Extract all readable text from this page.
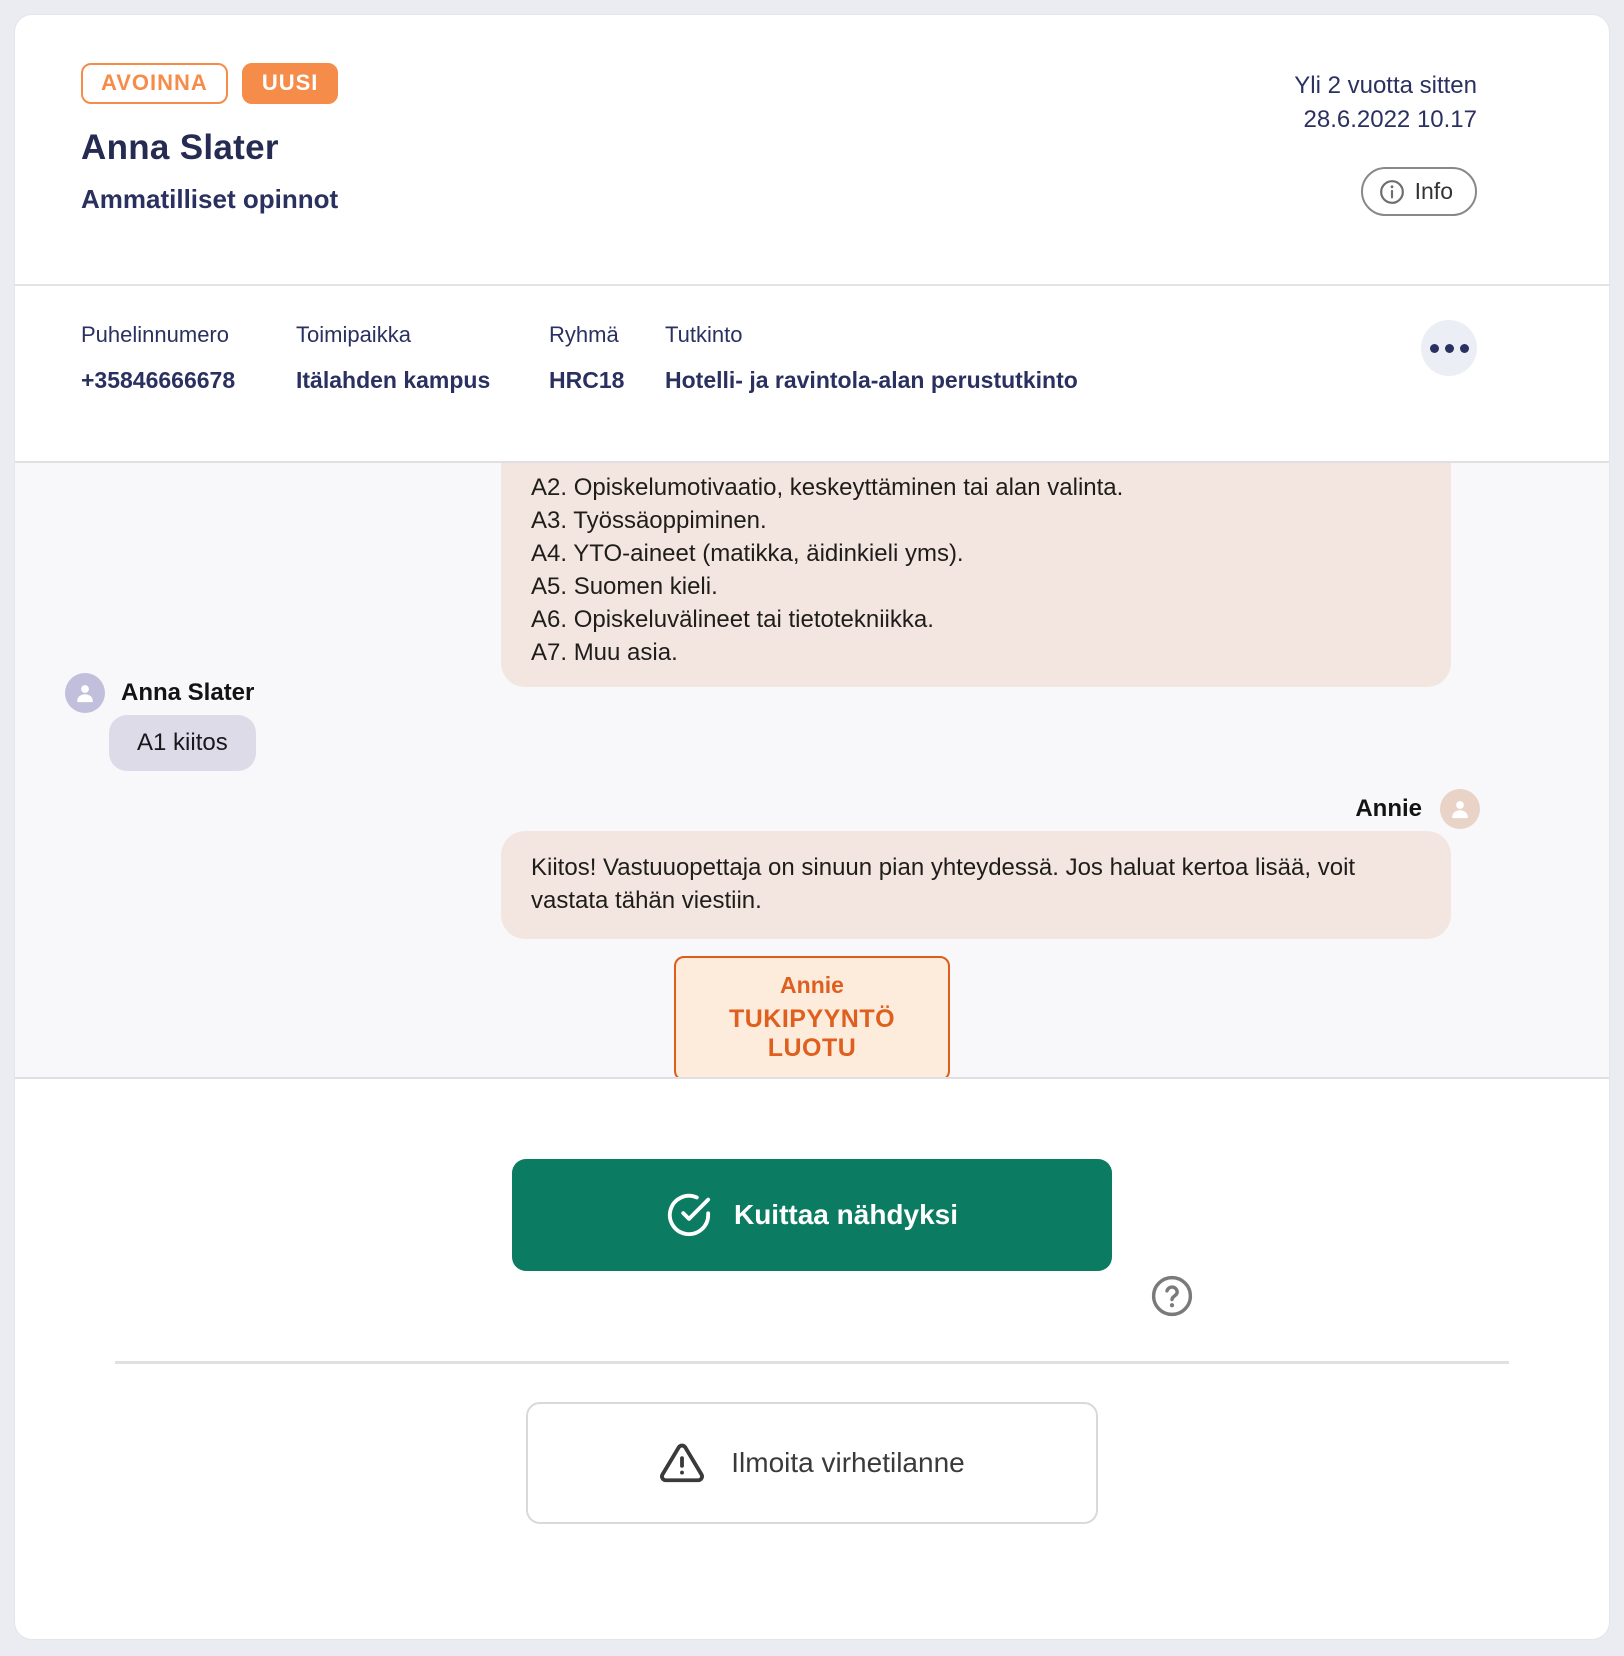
AVOINNA	UUSI
Anna Slater
Ammatilliset opinnot
Yli 2 vuotta sitten
28.6.2022 10.17
Info
Puhelinnumero
+35846666678
Toimipaikka
Itälahden kampus
Ryhmä
HRC18
Tutkinto
Hotelli- ja ravintola-alan perustutkinto
A2. Opiskelumotivaatio, keskeyttäminen tai alan valinta.
A3. Työssäoppiminen.
A4. YTO-aineet (matikka, äidinkieli yms).
A5. Suomen kieli.
A6. Opiskeluvälineet tai tietotekniikka.
A7. Muu asia.
Anna Slater
A1 kiitos
Annie
Kiitos! Vastuuopettaja on sinuun pian yhteydessä. Jos haluat kertoa lisää, voit vastata tähän viestiin.
Annie
TUKIPYYNTÖ LUOTU
Kuittaa nähdyksi
Ilmoita virhetilanne
